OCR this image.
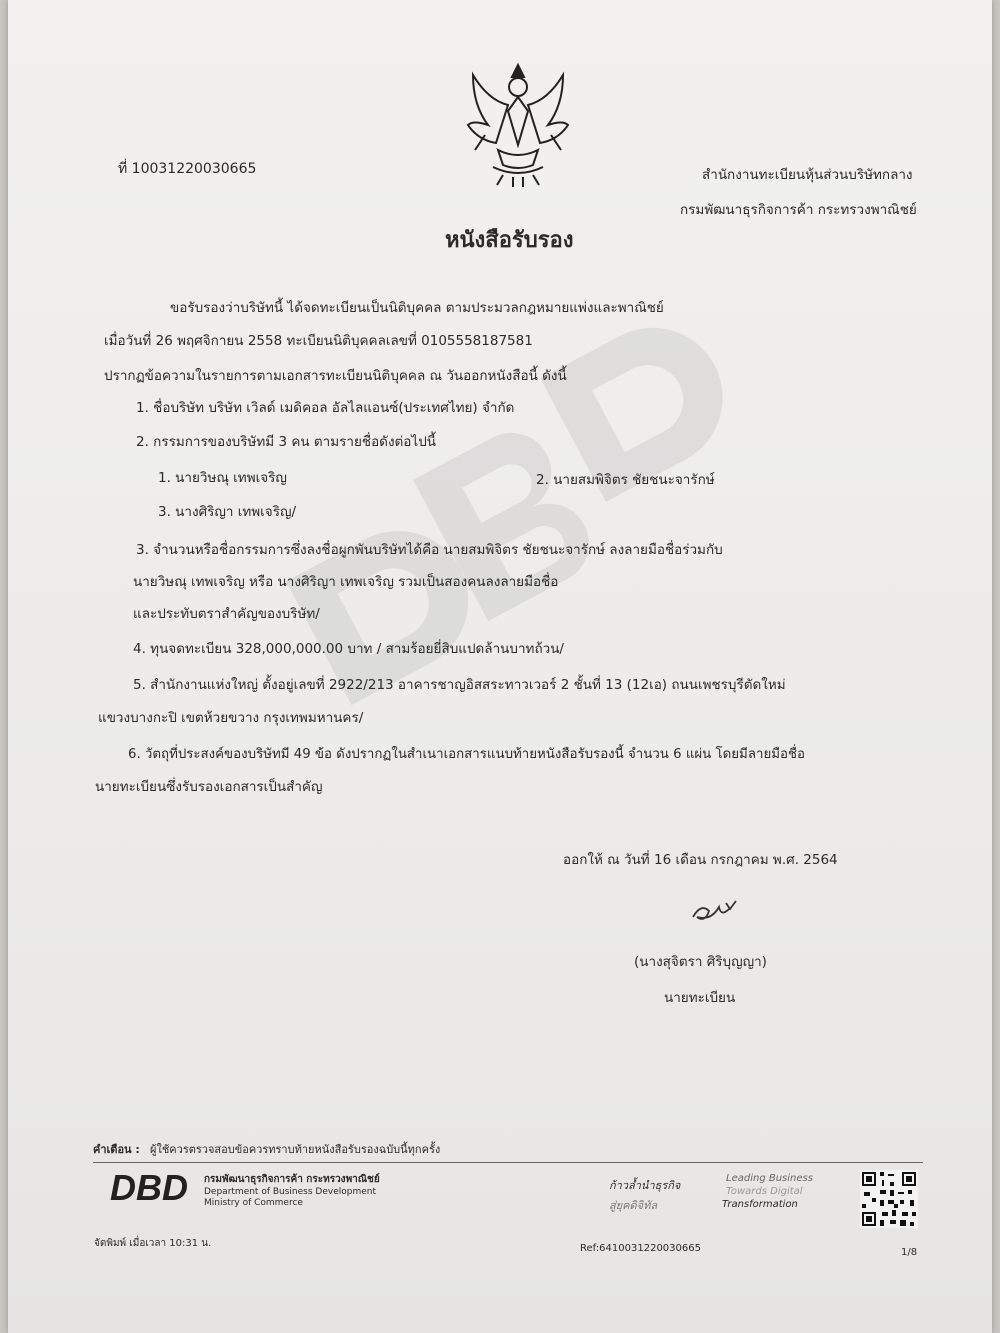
ที่ 10031220030665	สำนักงานทะเบียนหุ้นส่วนบริษัทกลาง
กรมพัฒนาธุรกิจการค้า กระทรวงพาณิชย์
หนังสือรับรอง
ขอรับรองว่าบริษัทนี้ ได้จดทะเบียนเป็นนิติบุคคล ตามประมวลกฎหมายแพ่งและพาณิชย์
เมื่อวันที่ 26 พฤศจิกายน 2558 ทะเบียนนิติบุคคลเลขที่ 0105558187581
ปรากฏข้อความในรายการตามเอกสารทะเบียนนิติบุคคล ณ วันออกหนังสือนี้ ดังนี้
1. ชื่อบริษัท บริษัท เวิลด์ เมดิคอล อัลไลแอนซ์(ประเทศไทย) จำกัด
2. กรรมการของบริษัทมี 3 คน ตามรายชื่อดังต่อไปนี้
1. นายวิษณุ เทพเจริญ	2. นายสมพิจิตร ชัยชนะจารักษ์
3. นางศิริญา เทพเจริญ/
3. จำนวนหรือชื่อกรรมการซึ่งลงชื่อผูกพันบริษัทได้คือ นายสมพิจิตร ชัยชนะจารักษ์ ลงลายมือชื่อร่วมกับ
นายวิษณุ เทพเจริญ หรือ นางศิริญา เทพเจริญ รวมเป็นสองคนลงลายมือชื่อ
และประทับตราสำคัญของบริษัท/
4. ทุนจดทะเบียน 328,000,000.00 บาท / สามร้อยยี่สิบแปดล้านบาทถ้วน/
5. สำนักงานแห่งใหญ่ ตั้งอยู่เลขที่ 2922/213 อาคารชาญอิสสระทาวเวอร์ 2 ชั้นที่ 13 (12เอ) ถนนเพชรบุรีตัดใหม่
แขวงบางกะปิ เขตห้วยขวาง กรุงเทพมหานคร/
6. วัตถุที่ประสงค์ของบริษัทมี 49 ข้อ ดังปรากฏในสำเนาเอกสารแนบท้ายหนังสือรับรองนี้ จำนวน 6 แผ่น โดยมีลายมือชื่อ
นายทะเบียนซึ่งรับรองเอกสารเป็นสำคัญ
ออกให้ ณ วันที่ 16 เดือน กรกฎาคม พ.ศ. 2564
(นางสุจิตรา ศิริบุญญา)
นายทะเบียน
คำเตือน : ผู้ใช้ควรตรวจสอบข้อควรทราบท้ายหนังสือรับรองฉบับนี้ทุกครั้ง
DBD กรมพัฒนาธุรกิจการค้า กระทรวงพาณิชย์
Department of Business Development
Ministry of Commerce
ก้าวล้ำนำธุรกิจ
สู่ยุคดิจิทัล
Leading Business
Towards Digital
Transformation
จัดพิมพ์ เมื่อเวลา 10:31 น.	Ref:6410031220030665	1/8
